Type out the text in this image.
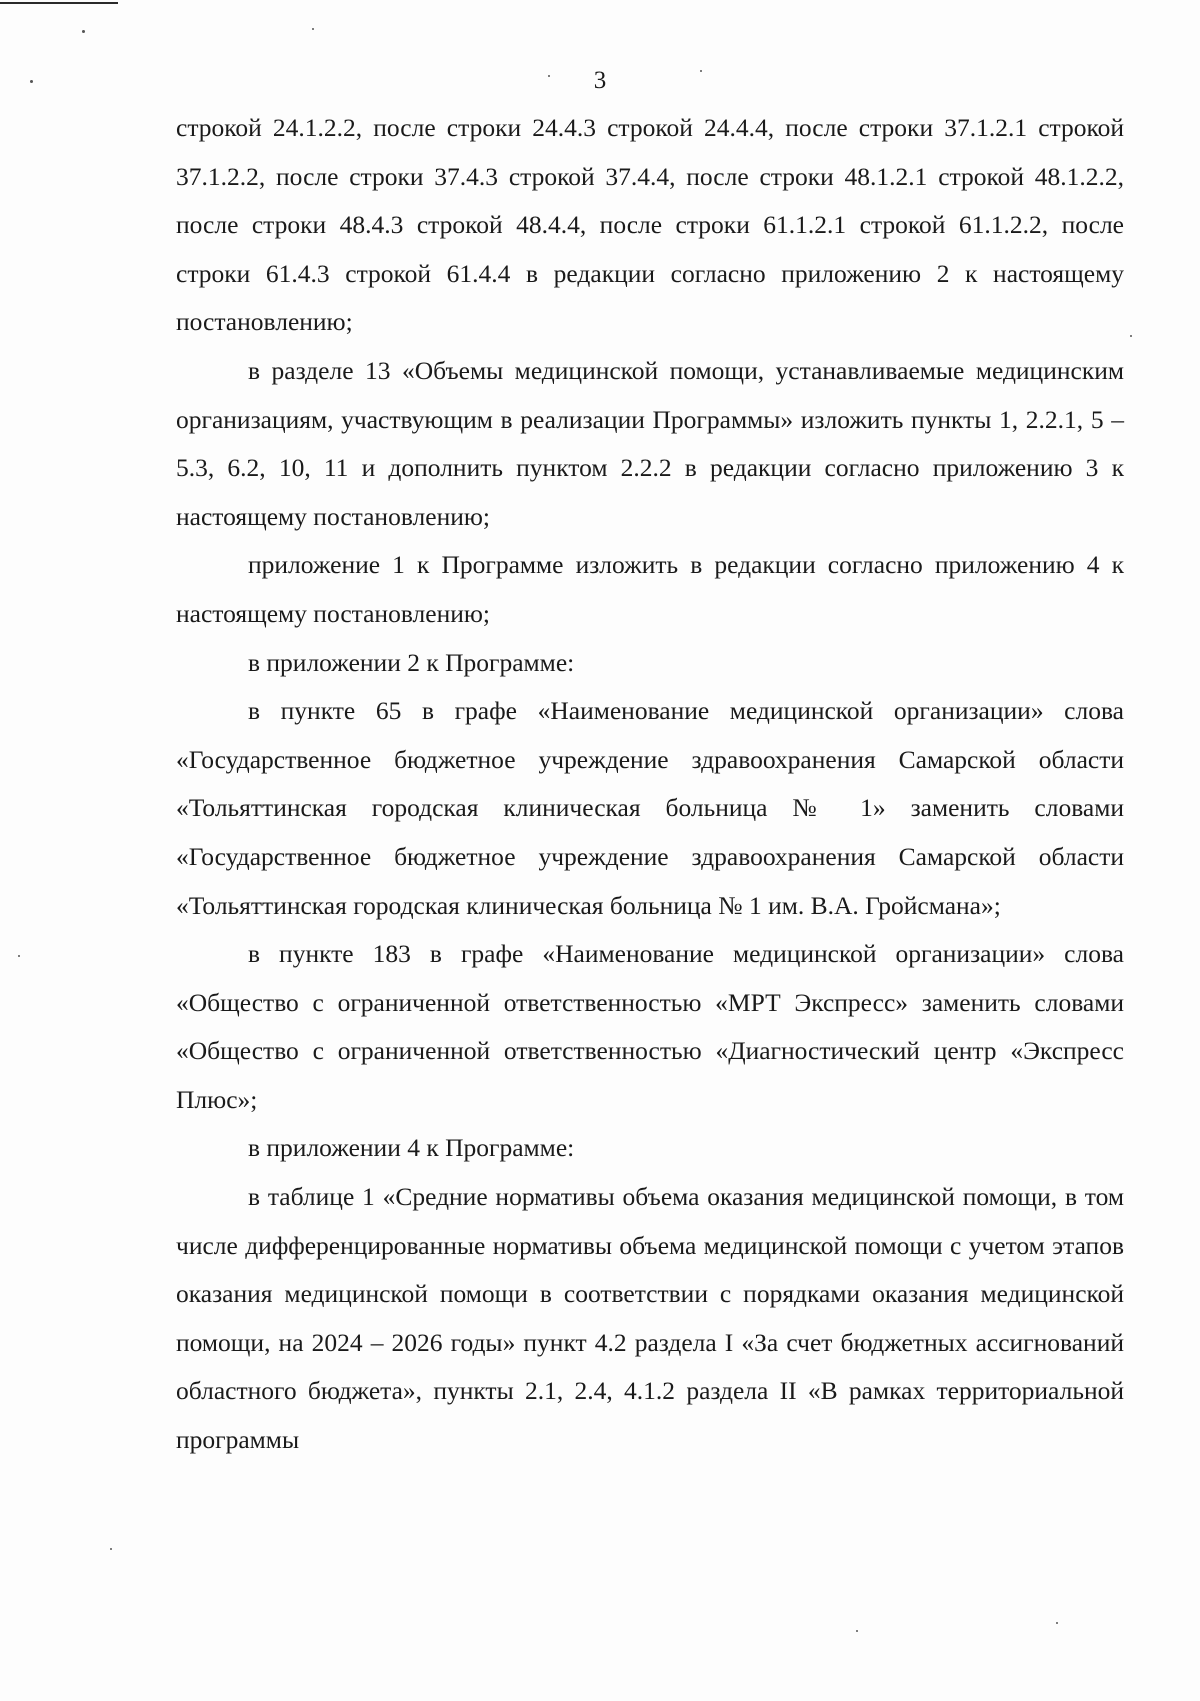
3

строкой 24.1.2.2, после строки 24.4.3 строкой 24.4.4, после строки 37.1.2.1 строкой 37.1.2.2, после строки 37.4.3 строкой 37.4.4, после строки 48.1.2.1 строкой 48.1.2.2, после строки 48.4.3 строкой 48.4.4, после строки 61.1.2.1 строкой 61.1.2.2, после строки 61.4.3 строкой 61.4.4 в редакции согласно приложению 2 к настоящему постановлению;

в разделе 13 «Объемы медицинской помощи, устанавливаемые медицинским организациям, участвующим в реализации Программы» изложить пункты 1, 2.2.1, 5 – 5.3, 6.2, 10, 11 и дополнить пунктом 2.2.2 в редакции согласно приложению 3 к настоящему постановлению;

приложение 1 к Программе изложить в редакции согласно приложению 4 к настоящему постановлению;

в приложении 2 к Программе:

в пункте 65 в графе «Наименование медицинской организации» слова «Государственное бюджетное учреждение здравоохранения Самарской области «Тольяттинская городская клиническая больница № 1» заменить словами «Государственное бюджетное учреждение здравоохранения Самарской области «Тольяттинская городская клиническая больница № 1 им. В.А. Гройсмана»;

в пункте 183 в графе «Наименование медицинской организации» слова «Общество с ограниченной ответственностью «МРТ Экспресс» заменить словами «Общество с ограниченной ответственностью «Диагностический центр «Экспресс Плюс»;

в приложении 4 к Программе:

в таблице 1 «Средние нормативы объема оказания медицинской помощи, в том числе дифференцированные нормативы объема медицинской помощи с учетом этапов оказания медицинской помощи в соответствии с порядками оказания медицинской помощи, на 2024 – 2026 годы» пункт 4.2 раздела I «За счет бюджетных ассигнований областного бюджета», пункты 2.1, 2.4, 4.1.2 раздела II «В рамках территориальной программы
